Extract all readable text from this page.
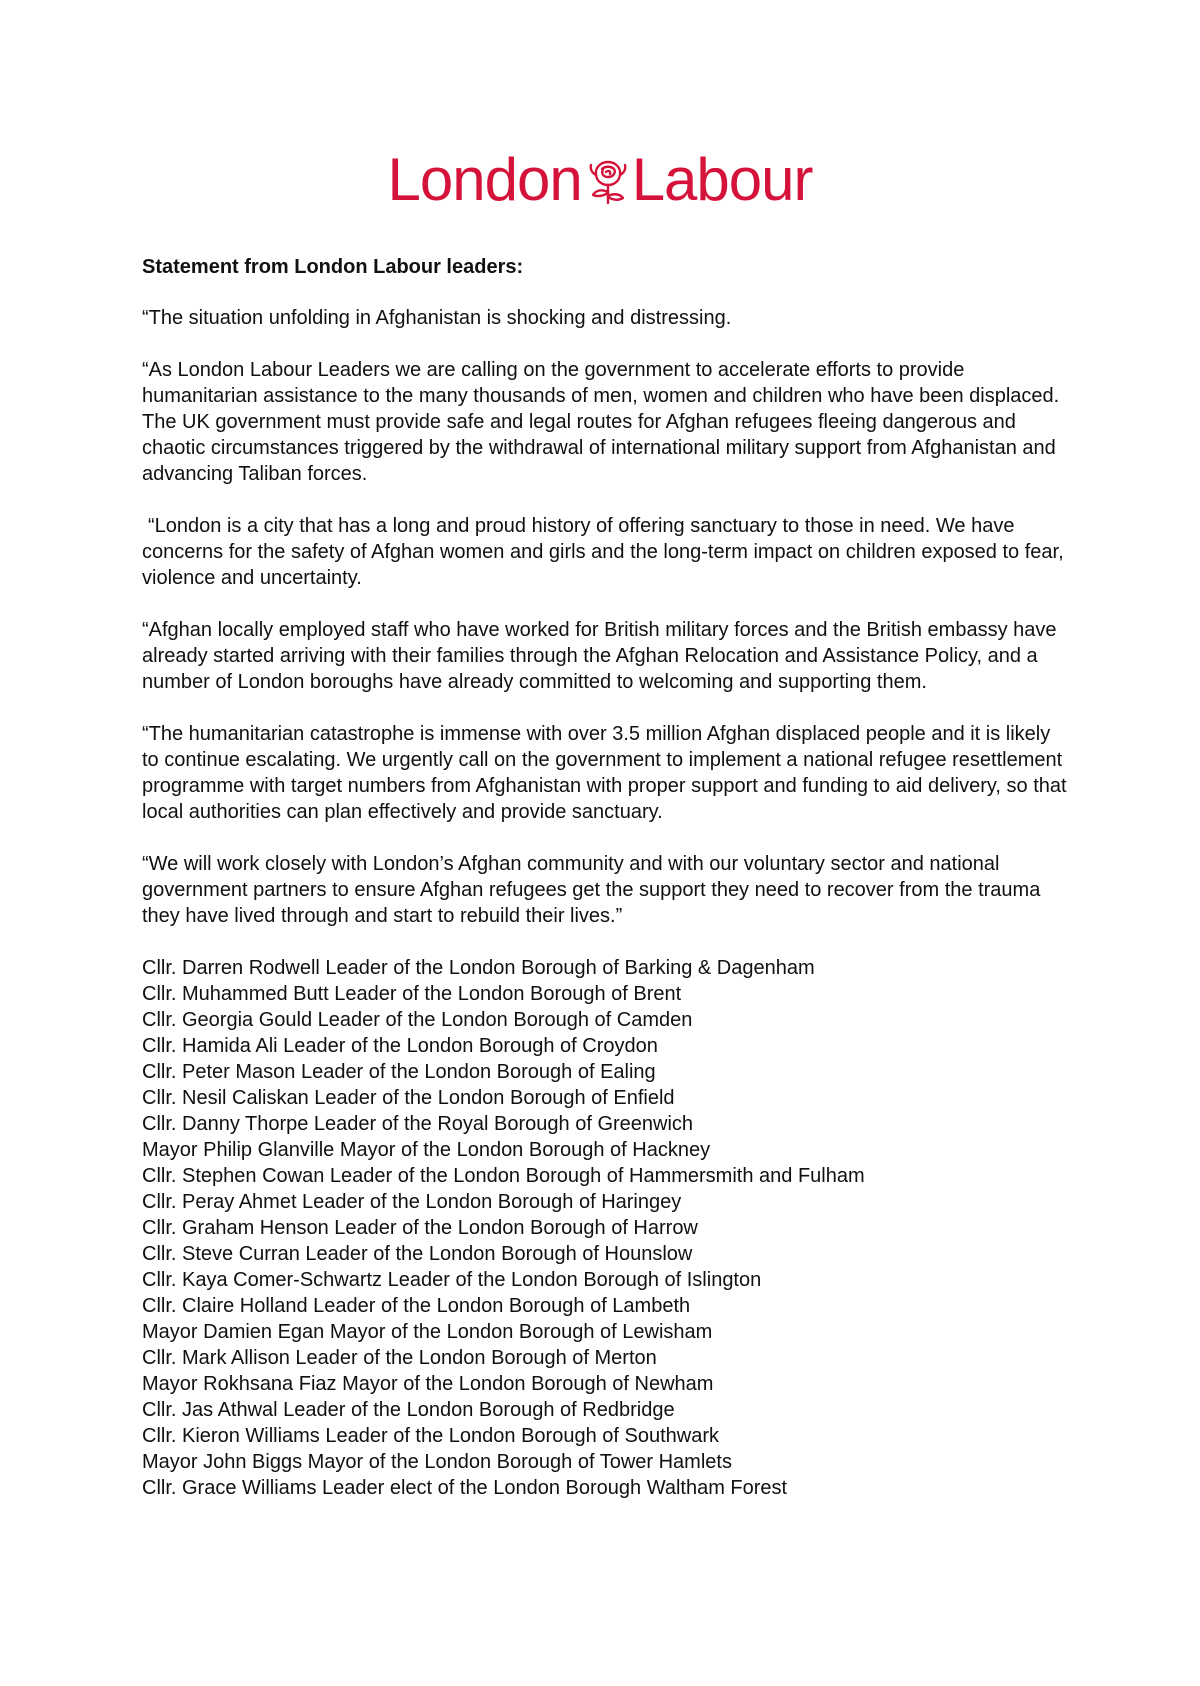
London Labour

Statement from London Labour leaders:

“The situation unfolding in Afghanistan is shocking and distressing.

“As London Labour Leaders we are calling on the government to accelerate efforts to provide humanitarian assistance to the many thousands of men, women and children who have been displaced. The UK government must provide safe and legal routes for Afghan refugees fleeing dangerous and chaotic circumstances triggered by the withdrawal of international military support from Afghanistan and advancing Taliban forces.

“London is a city that has a long and proud history of offering sanctuary to those in need. We have concerns for the safety of Afghan women and girls and the long-term impact on children exposed to fear, violence and uncertainty.

“Afghan locally employed staff who have worked for British military forces and the British embassy have already started arriving with their families through the Afghan Relocation and Assistance Policy, and a number of London boroughs have already committed to welcoming and supporting them.

“The humanitarian catastrophe is immense with over 3.5 million Afghan displaced people and it is likely to continue escalating. We urgently call on the government to implement a national refugee resettlement programme with target numbers from Afghanistan with proper support and funding to aid delivery, so that local authorities can plan effectively and provide sanctuary.

“We will work closely with London’s Afghan community and with our voluntary sector and national government partners to ensure Afghan refugees get the support they need to recover from the trauma they have lived through and start to rebuild their lives.”

Cllr. Darren Rodwell Leader of the London Borough of Barking & Dagenham
Cllr. Muhammed Butt Leader of the London Borough of Brent
Cllr. Georgia Gould Leader of the London Borough of Camden
Cllr. Hamida Ali Leader of the London Borough of Croydon
Cllr. Peter Mason Leader of the London Borough of Ealing
Cllr. Nesil Caliskan Leader of the London Borough of Enfield
Cllr. Danny Thorpe Leader of the Royal Borough of Greenwich
Mayor Philip Glanville Mayor of the London Borough of Hackney
Cllr. Stephen Cowan Leader of the London Borough of Hammersmith and Fulham
Cllr. Peray Ahmet Leader of the London Borough of Haringey
Cllr. Graham Henson Leader of the London Borough of Harrow
Cllr. Steve Curran Leader of the London Borough of Hounslow
Cllr. Kaya Comer-Schwartz Leader of the London Borough of Islington
Cllr. Claire Holland Leader of the London Borough of Lambeth
Mayor Damien Egan Mayor of the London Borough of Lewisham
Cllr. Mark Allison Leader of the London Borough of Merton
Mayor Rokhsana Fiaz Mayor of the London Borough of Newham
Cllr. Jas Athwal Leader of the London Borough of Redbridge
Cllr. Kieron Williams Leader of the London Borough of Southwark
Mayor John Biggs Mayor of the London Borough of Tower Hamlets
Cllr. Grace Williams Leader elect of the London Borough Waltham Forest
